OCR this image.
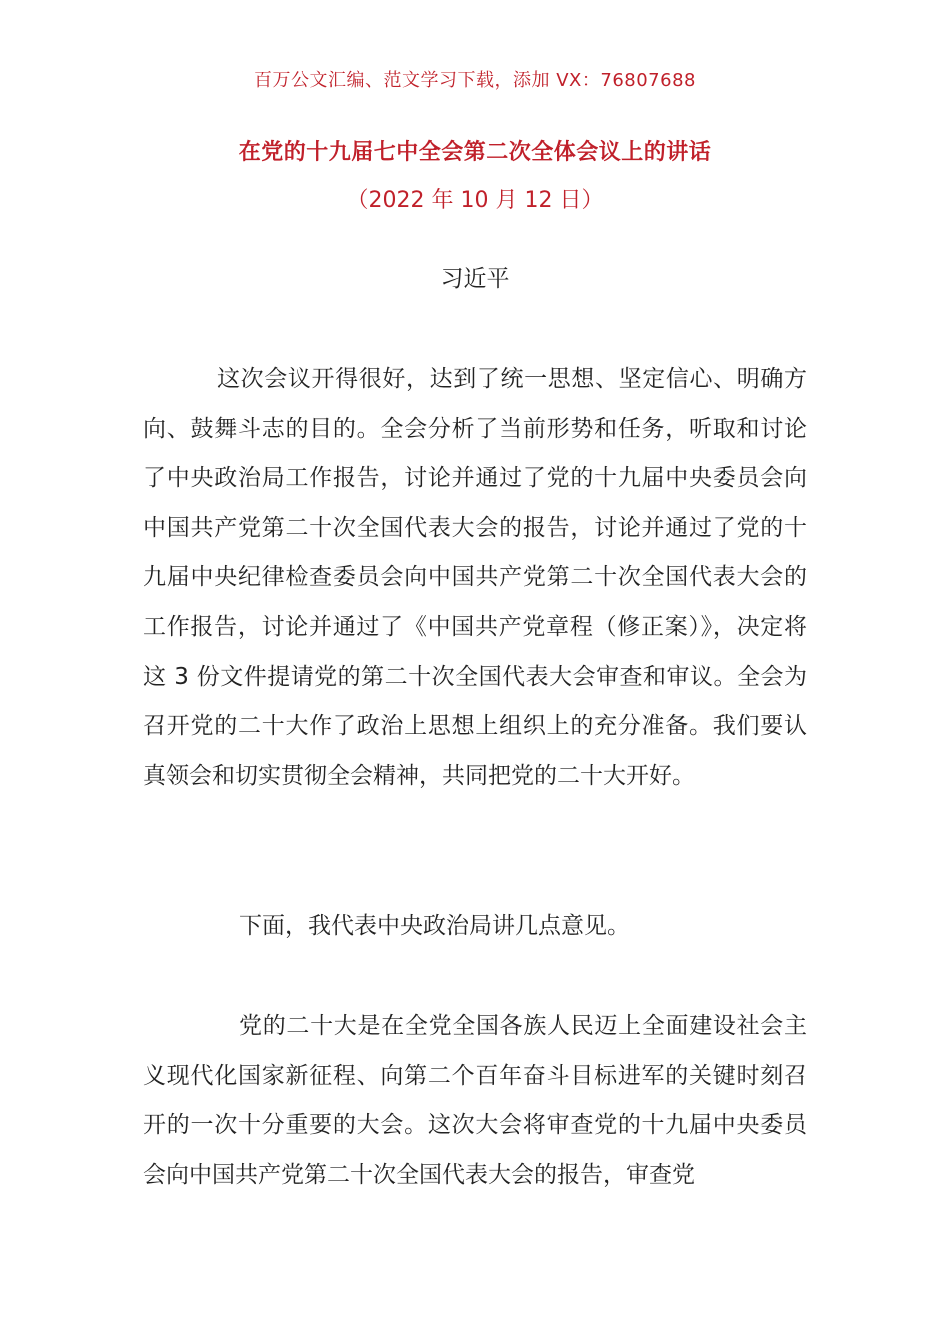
百万公文汇编、范文学习下载，添加 VX：76807688
在党的十九届七中全会第二次全体会议上的讲话
（2022 年 10 月 12 日）
习近平

这次会议开得很好，达到了统一思想、坚定信心、明确方向、鼓舞斗志的目的。全会分析了当前形势和任务，听取和讨论了中央政治局工作报告，讨论并通过了党的十九届中央委员会向中国共产党第二十次全国代表大会的报告，讨论并通过了党的十九届中央纪律检查委员会向中国共产党第二十次全国代表大会的工作报告，讨论并通过了《中国共产党章程（修正案）》，决定将这 3 份文件提请党的第二十次全国代表大会审查和审议。全会为召开党的二十大作了政治上思想上组织上的充分准备。我们要认真领会和切实贯彻全会精神，共同把党的二十大开好。

下面，我代表中央政治局讲几点意见。

党的二十大是在全党全国各族人民迈上全面建设社会主义现代化国家新征程、向第二个百年奋斗目标进军的关键时刻召开的一次十分重要的大会。这次大会将审查党的十九届中央委员会向中国共产党第二十次全国代表大会的报告，审查党
